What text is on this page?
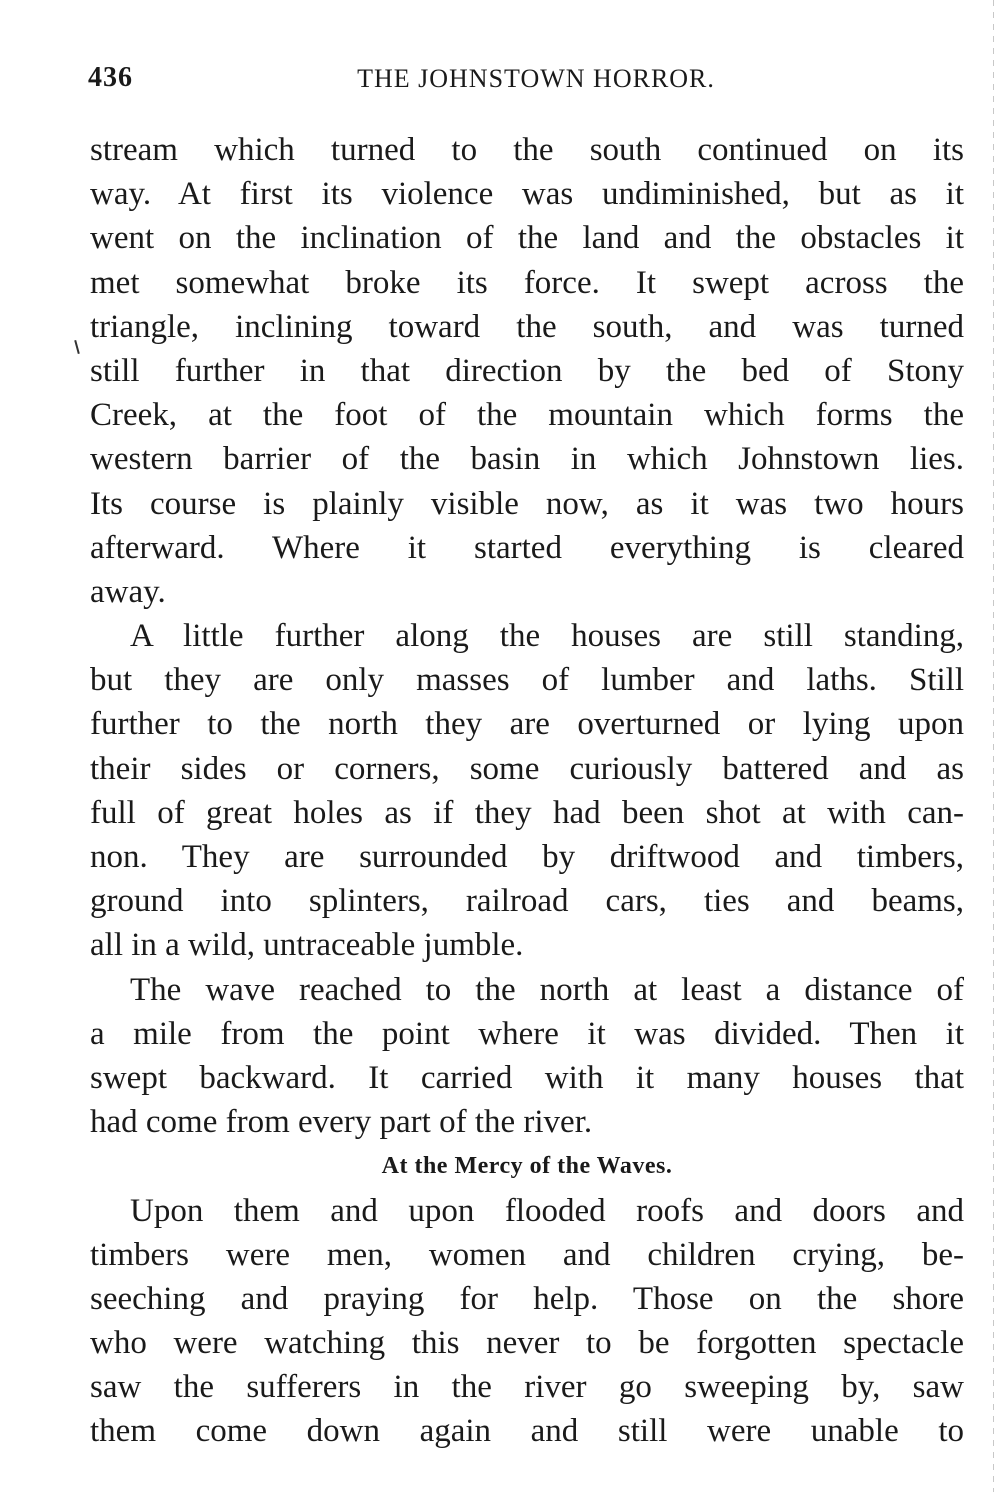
436	THE JOHNSTOWN HORROR.
stream which turned to the south continued on its
way. At first its violence was undiminished, but as it
went on the inclination of the land and the obstacles it
met somewhat broke its force. It swept across the
triangle, inclining toward the south, and was turned
still further in that direction by the bed of Stony
Creek, at the foot of the mountain which forms the
western barrier of the basin in which Johnstown lies.
Its course is plainly visible now, as it was two hours
afterward. Where it started everything is cleared
away.
A little further along the houses are still standing,
but they are only masses of lumber and laths. Still
further to the north they are overturned or lying upon
their sides or corners, some curiously battered and as
full of great holes as if they had been shot at with can-
non. They are surrounded by driftwood and timbers,
ground into splinters, railroad cars, ties and beams,
all in a wild, untraceable jumble.
The wave reached to the north at least a distance of
a mile from the point where it was divided. Then it
swept backward. It carried with it many houses that
had come from every part of the river.
At the Mercy of the Waves.
Upon them and upon flooded roofs and doors and
timbers were men, women and children crying, be-
seeching and praying for help. Those on the shore
who were watching this never to be forgotten spectacle
saw the sufferers in the river go sweeping by, saw
them come down again and still were unable to
